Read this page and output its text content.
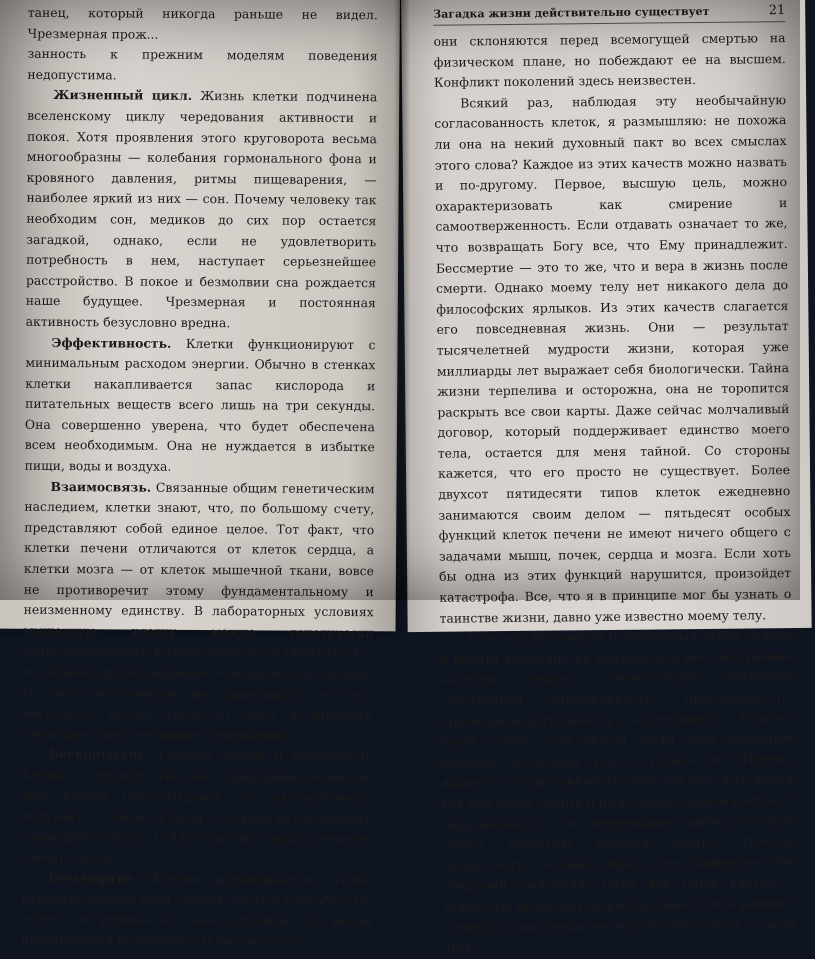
танец, который никогда раньше не видел. Чрезмерная прож...

занность к прежним моделям поведения недопустима.

Жизненный цикл. Жизнь клетки подчинена вселенскому циклу чередования активности и покоя. Хотя проявления этого круговорота весьма многообразны — колебания гормонального фона и кровяного давления, ритмы пищеварения, — наиболее яркий из них — сон. Почему человеку так необходим сон, медиков до сих пор остается загадкой, однако, если не удовлетворить потребность в нем, наступает серьезнейшее расстройство. В покое и безмолвии сна рождается наше будущее. Чрезмерная и постоянная активность безусловно вредна.

Эффективность. Клетки функционируют с минимальным расходом энергии. Обычно в стенках клетки накапливается запас кислорода и питательных веществ всего лишь на три секунды. Она совершенно уверена, что будет обеспечена всем необходимым. Она не нуждается в избытке пищи, воды и воздуха.

Взаимосвязь. Связанные общим генетическим наследием, клетки знают, что, по большому счету, представляют собой единое целое. Тот факт, что клетки печени отличаются от клеток сердца, а клетки мозга — от клеток мышечной ткани, вовсе не противоречит этому фундаментальному и неизменному единству. В лабораторных условиях мышечную клетку можно генетически трансформировать в сердечную, если обратиться к их общему происхождению. Клетки всегда связаны со своим источником, вне зависимости от того, насколько далеко ушли от него в процессе эволюции. Здесь не бывает отверженных.

Бескорыстие. Главная задача и способность клетки — отдавать. Так она поддерживает единство всех клеток тела. Отдавая, она автоматически получает — такова вторая половина естественного природного цикла. Стяжательство и накопление не имеют смысла.

Бессмертие. Клетки размножаются, чтобы передать дальше свои знания, опыт и способности, ничего не утаивая от своих потомков. Это некая практическая разновидность бессмертия:

Загадка жизни действительно существует	21

они склоняются перед всемогущей смертью на физическом плане, но побеждают ее на высшем. Конфликт поколений здесь неизвестен.

Всякий раз, наблюдая эту необычайную согласованность клеток, я размышляю: не похожа ли она на некий духовный пакт во всех смыслах этого слова? Каждое из этих качеств можно назвать и по-другому. Первое, высшую цель, можно охарактеризовать как смирение и самоотверженность. Если отдавать означает то же, что возвращать Богу все, что Ему принадлежит. Бессмертие — это то же, что и вера в жизнь после смерти. Однако моему телу нет никакого дела до философских ярлыков. Из этих качеств слагается его повседневная жизнь. Они — результат тысячелетней мудрости жизни, которая уже миллиарды лет выражает себя биологически. Тайна жизни терпелива и осторожна, она не торопится раскрыть все свои карты. Даже сейчас молчаливый договор, который поддерживает единство моего тела, остается для меня тайной. Со стороны кажется, что его просто не существует. Более двухсот пятидесяти типов клеток ежедневно занимаются своим делом — пятьдесят особых функций клеток печени не имеют ничего общего с задачами мышц, почек, сердца и мозга. Если хоть бы одна из этих функций нарушится, произойдет катастрофа. Все, что я в принципе мог бы узнать о таинстве жизни, давно уже известно моему телу.

А теперь просмотри приведенный выше список и обрати внимание на указанные в нем негативные качества: эгоизм, самоизоляция, ощущение собственной отверженности, пресыщенность, чрезмерная деятельность и агрессивность. Если на наши клетки, что нельзя вести себя подобным образом, то почему так поступаем мы? Почему жадность столь привлекательна для нас, в то время как она несет смерть и разрушение нашим клеткам? Ведь жадность — это величайшая ошибка, которую может допустить раковая клетка. Почему человечество не знает меры в еде, подвергая себя эпидемии ожирения, тогда как наши клетки с точностью до молекулы рассчитывают свой рацион? Почему-то мы, люди, не можем отказаться от всех этих
